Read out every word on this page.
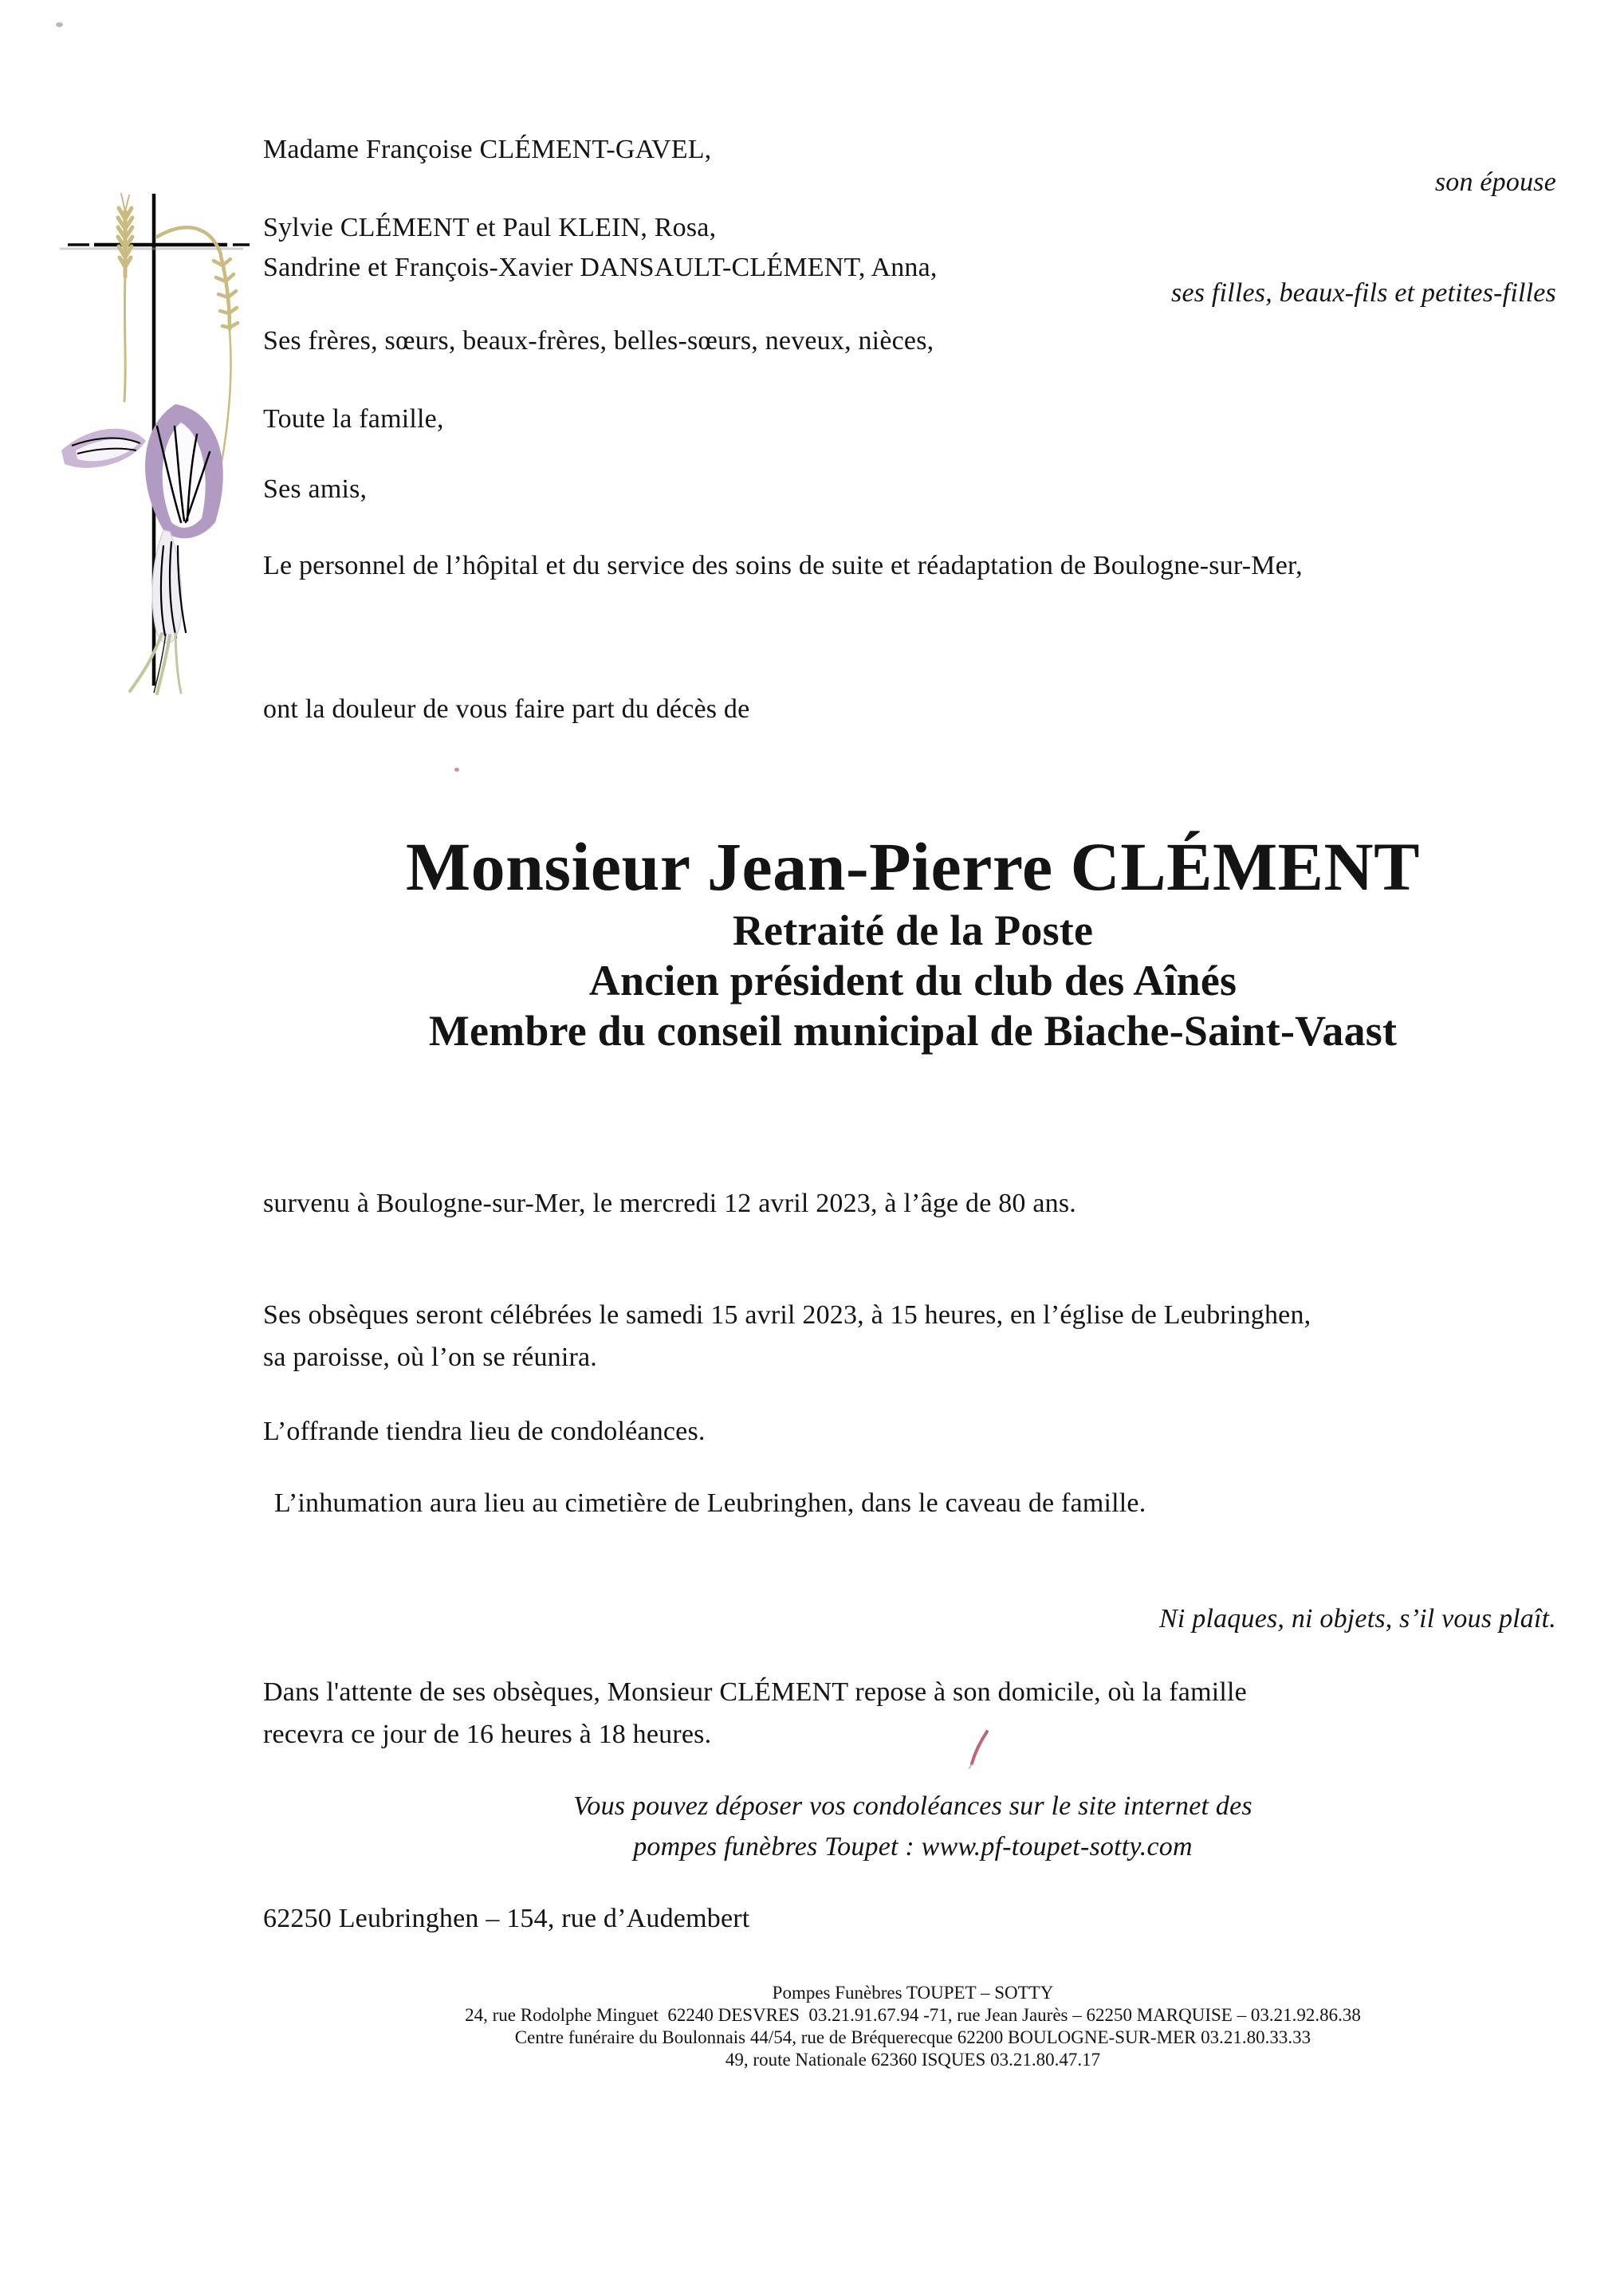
Madame Françoise CLÉMENT-GAVEL,
son épouse
Sylvie CLÉMENT et Paul KLEIN, Rosa,
Sandrine et François-Xavier DANSAULT-CLÉMENT, Anna,
ses filles, beaux-fils et petites-filles
Ses frères, sœurs, beaux-frères, belles-sœurs, neveux, nièces,
Toute la famille,
Ses amis,
Le personnel de l’hôpital et du service des soins de suite et réadaptation de Boulogne-sur-Mer,
ont la douleur de vous faire part du décès de
Monsieur Jean-Pierre CLÉMENT
Retraité de la Poste
Ancien président du club des Aînés
Membre du conseil municipal de Biache-Saint-Vaast
survenu à Boulogne-sur-Mer, le mercredi 12 avril 2023, à l’âge de 80 ans.
Ses obsèques seront célébrées le samedi 15 avril 2023, à 15 heures, en l’église de Leubringhen,
sa paroisse, où l’on se réunira.
L’offrande tiendra lieu de condoléances.
L’inhumation aura lieu au cimetière de Leubringhen, dans le caveau de famille.
Ni plaques, ni objets, s’il vous plaît.
Dans l'attente de ses obsèques, Monsieur CLÉMENT repose à son domicile, où la famille
recevra ce jour de 16 heures à 18 heures.
Vous pouvez déposer vos condoléances sur le site internet des
pompes funèbres Toupet : www.pf-toupet-sotty.com
62250 Leubringhen – 154, rue d’Audembert
Pompes Funèbres TOUPET – SOTTY
24, rue Rodolphe Minguet  62240 DESVRES  03.21.91.67.94 -71, rue Jean Jaurès – 62250 MARQUISE – 03.21.92.86.38
Centre funéraire du Boulonnais 44/54, rue de Bréquerecque 62200 BOULOGNE-SUR-MER 03.21.80.33.33
49, route Nationale 62360 ISQUES 03.21.80.47.17
